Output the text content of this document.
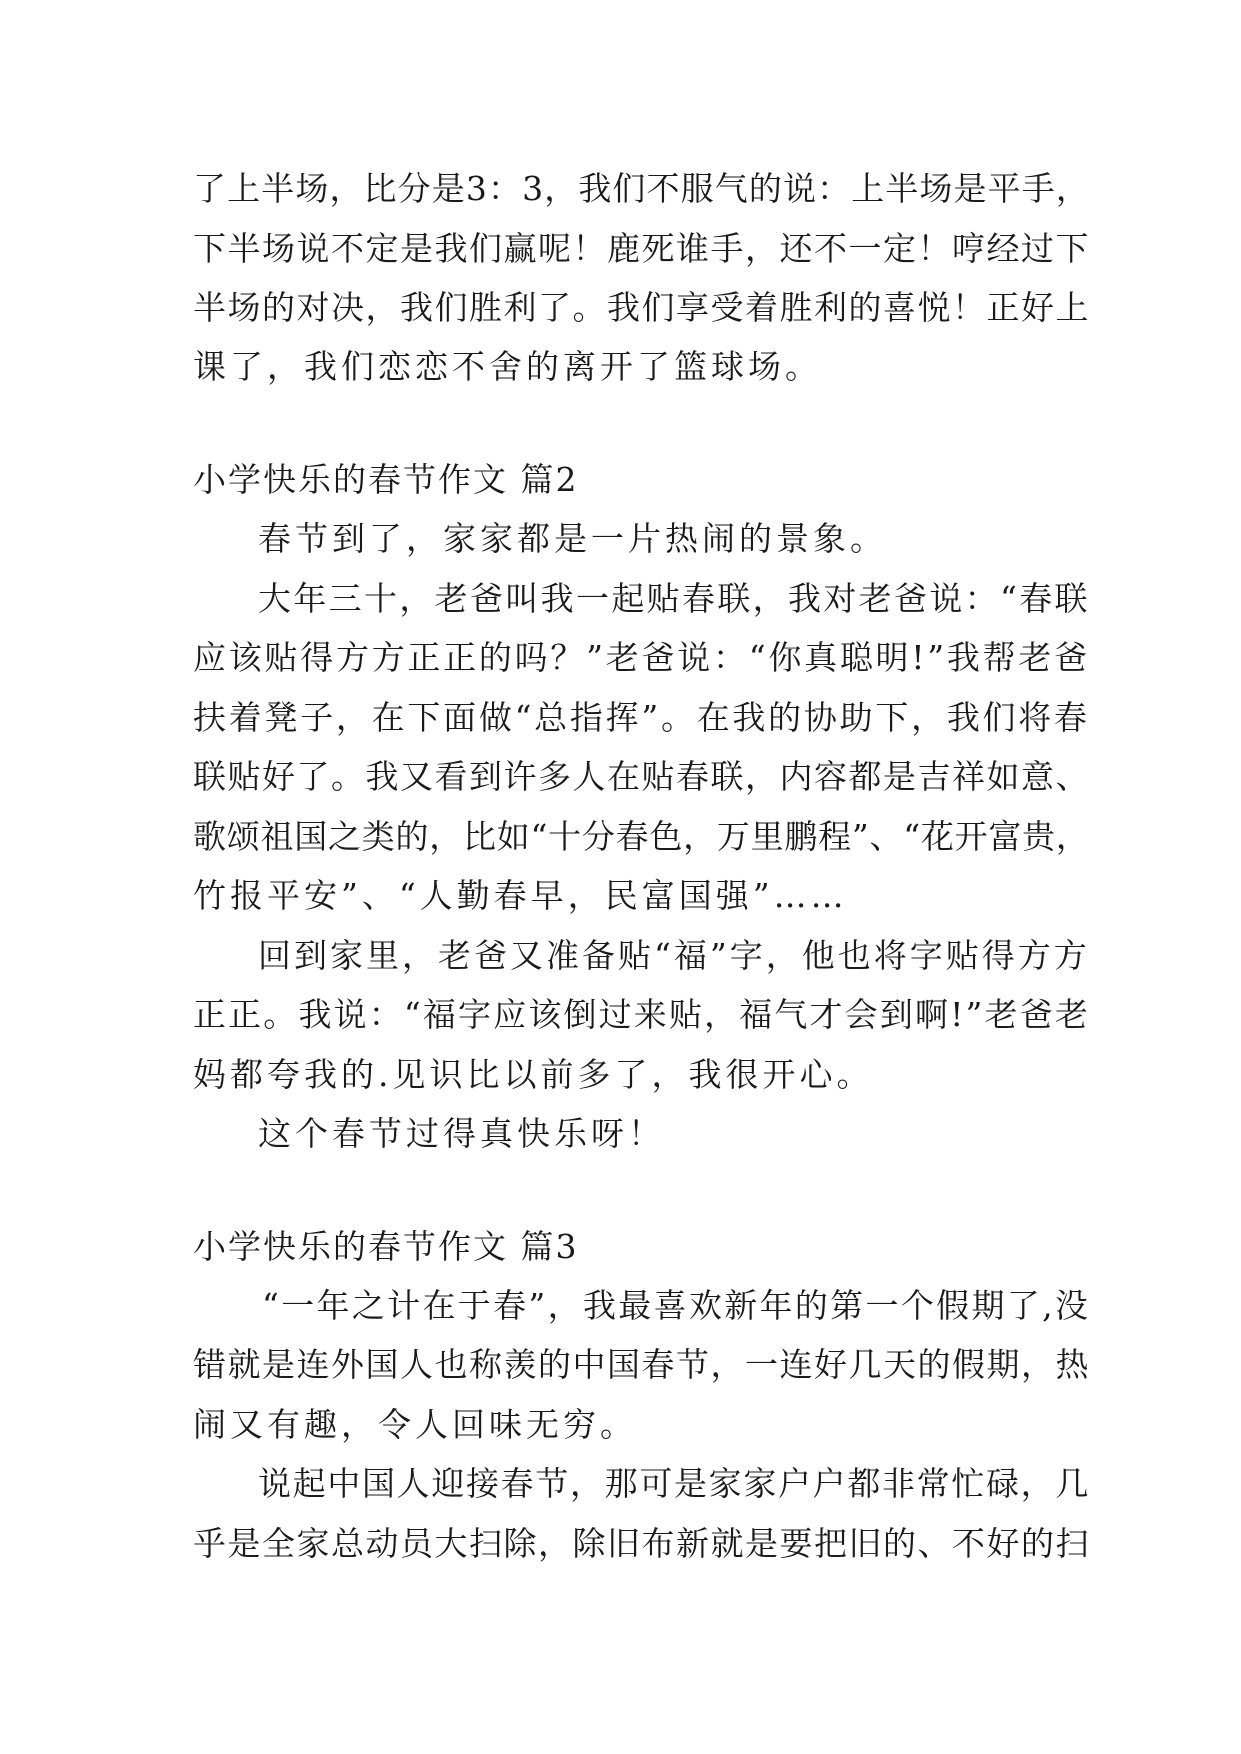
了上半场，比分是3：3，我们不服气的说：上半场是平手，

下半场说不定是我们赢呢！鹿死谁手，还不一定！哼经过下

半场的对决，我们胜利了。我们享受着胜利的喜悦！正好上

课了，我们恋恋不舍的离开了篮球场。

小学快乐的春节作文 篇2

春节到了，家家都是一片热闹的景象。

大年三十，老爸叫我一起贴春联，我对老爸说：“春联

应该贴得方方正正的吗？”老爸说：“你真聪明!”我帮老爸

扶着凳子，在下面做“总指挥”。在我的协助下，我们将春

联贴好了。我又看到许多人在贴春联，内容都是吉祥如意、

歌颂祖国之类的，比如“十分春色，万里鹏程”、“花开富贵，

竹报平安”、“人勤春早，民富国强”……

回到家里，老爸又准备贴“福”字，他也将字贴得方方

正正。我说：“福字应该倒过来贴，福气才会到啊!”老爸老

妈都夸我的.见识比以前多了，我很开心。

这个春节过得真快乐呀！

小学快乐的春节作文 篇3

“一年之计在于春”，我最喜欢新年的第一个假期了,没

错就是连外国人也称羡的中国春节，一连好几天的假期，热

闹又有趣，令人回味无穷。

说起中国人迎接春节，那可是家家户户都非常忙碌，几

乎是全家总动员大扫除，除旧布新就是要把旧的、不好的扫
